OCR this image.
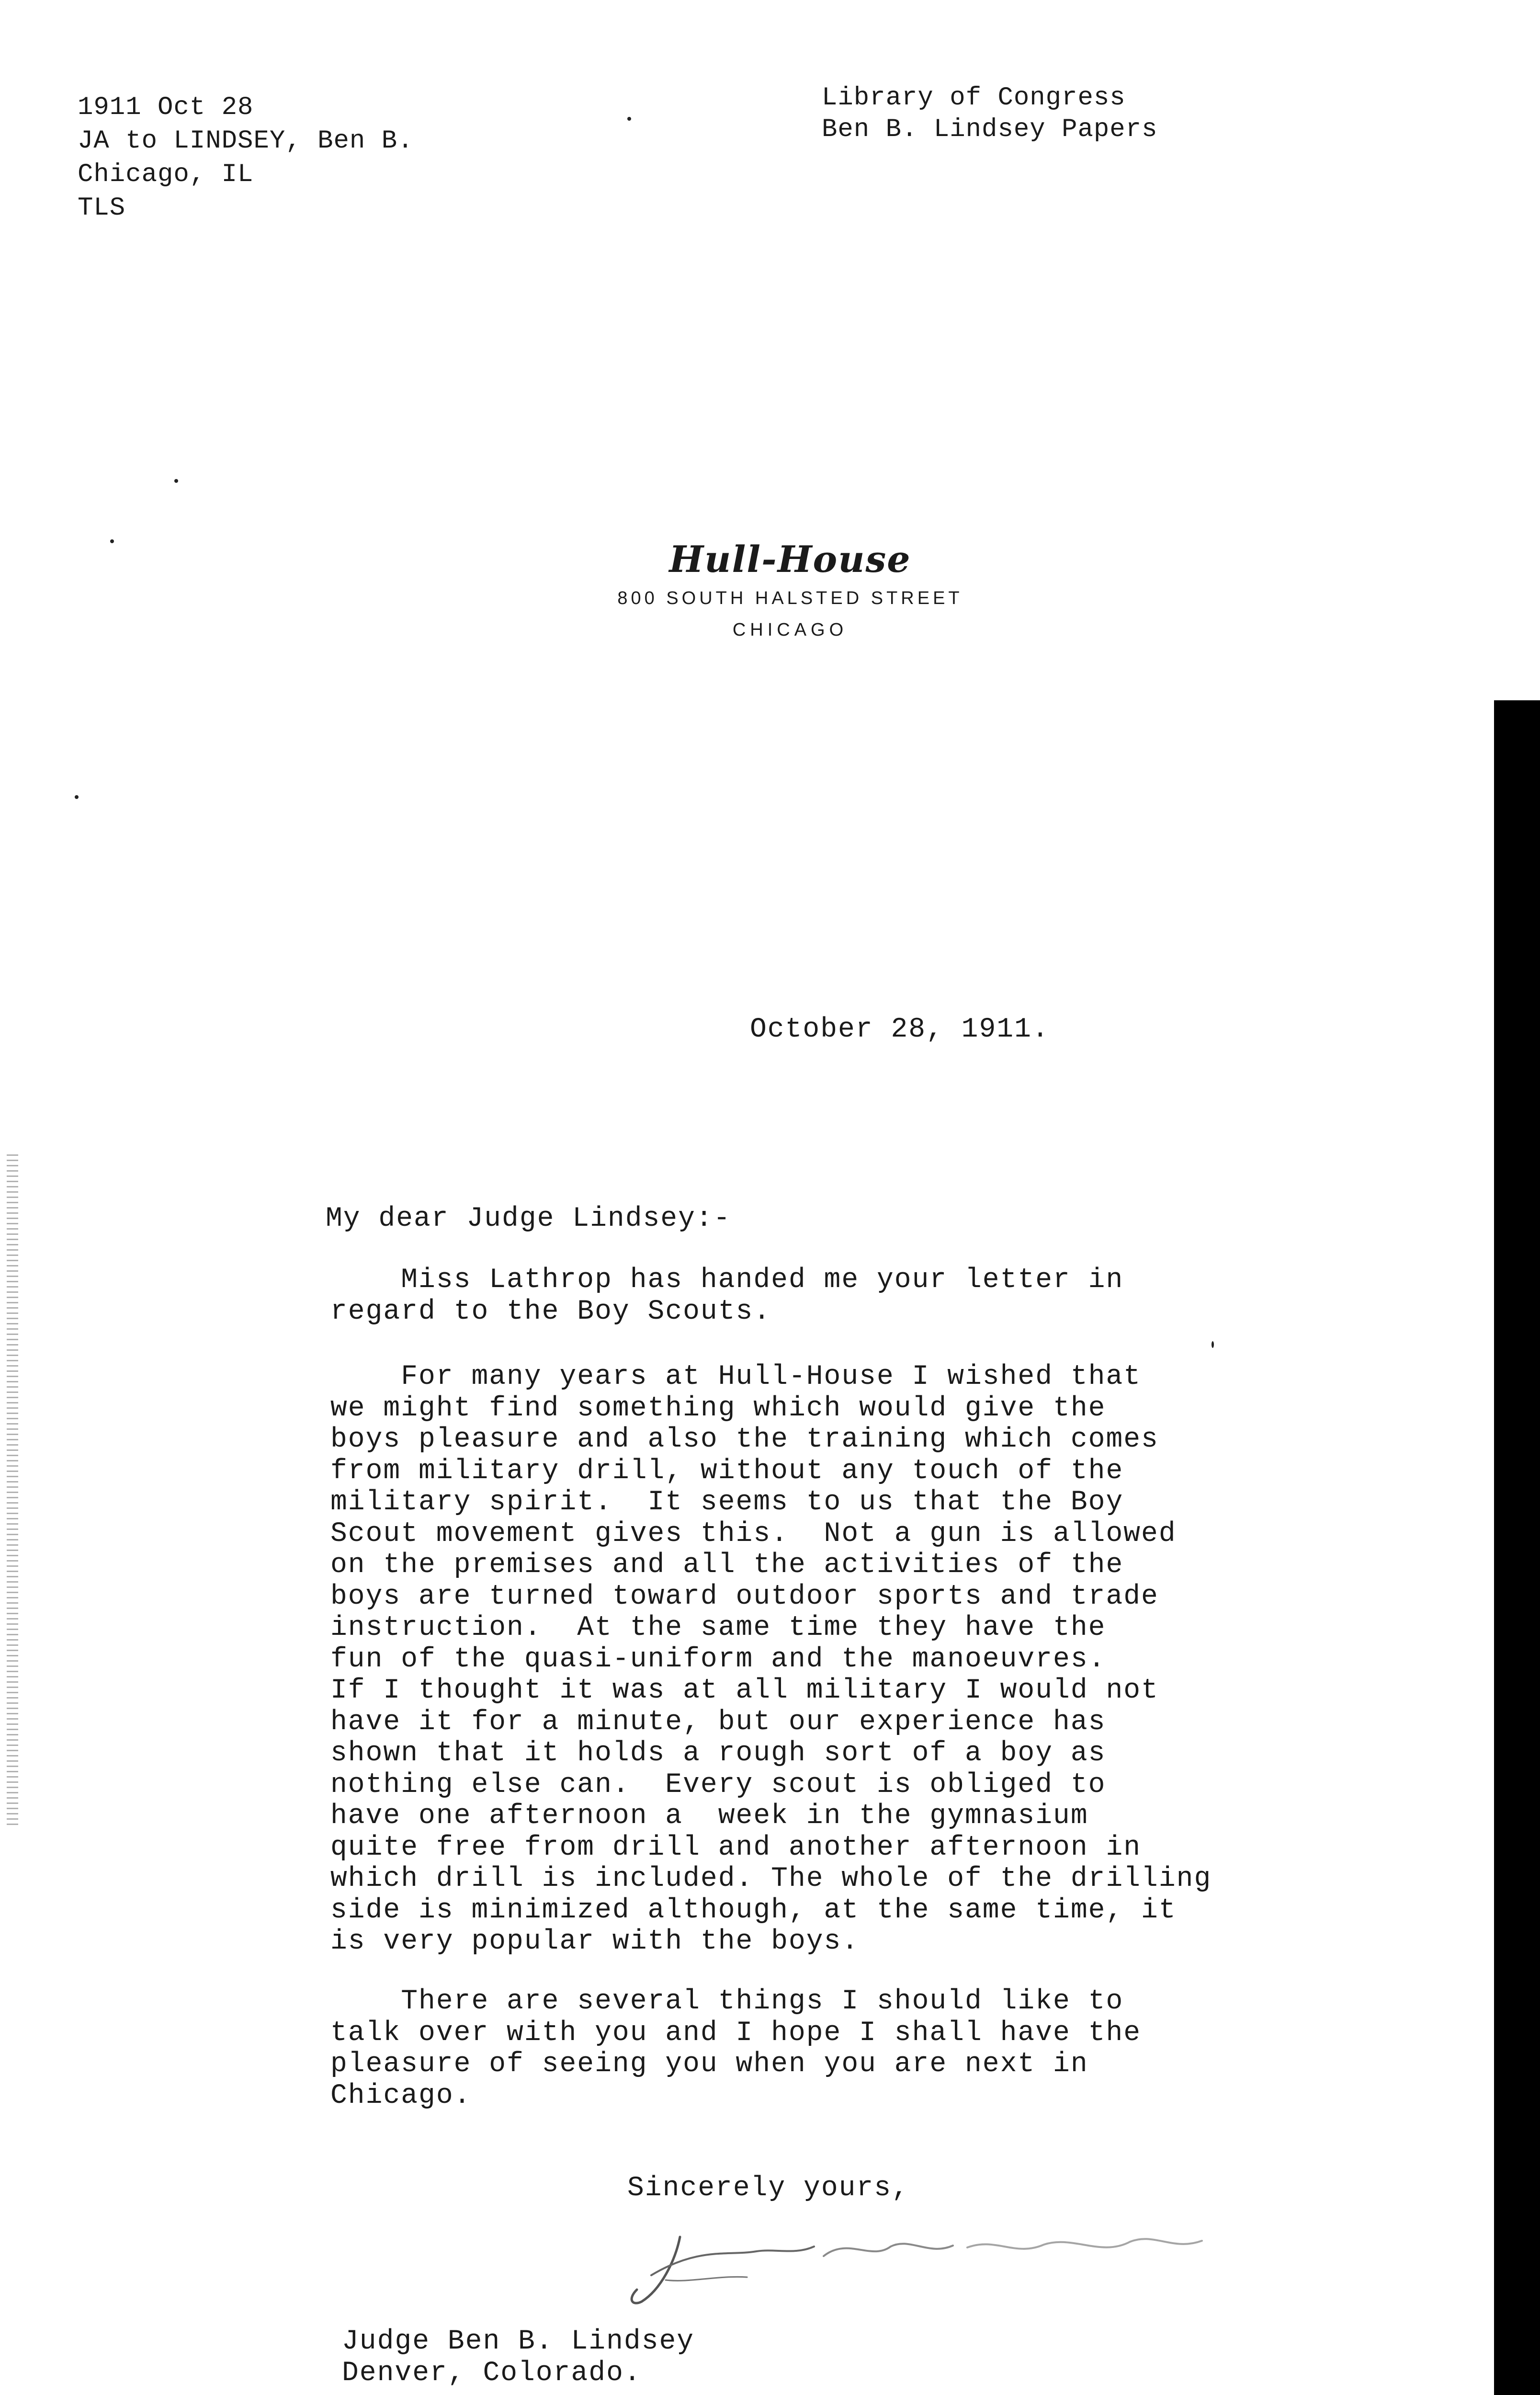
1911 Oct 28
JA to LINDSEY, Ben B.
Chicago, IL
TLS
Library of Congress
Ben B. Lindsey Papers
Hull-House
800 SOUTH HALSTED STREET
CHICAGO
October 28, 1911.
My dear Judge Lindsey:-
Miss Lathrop has handed me your letter in
regard to the Boy Scouts.
For many years at Hull-House I wished that
we might find something which would give the
boys pleasure and also the training which comes
from military drill, without any touch of the
military spirit.  It seems to us that the Boy
Scout movement gives this.  Not a gun is allowed
on the premises and all the activities of the
boys are turned toward outdoor sports and trade
instruction.  At the same time they have the
fun of the quasi-uniform and the manoeuvres.
If I thought it was at all military I would not
have it for a minute, but our experience has
shown that it holds a rough sort of a boy as
nothing else can.  Every scout is obliged to
have one afternoon a  week in the gymnasium
quite free from drill and another afternoon in
which drill is included. The whole of the drilling
side is minimized although, at the same time, it
is very popular with the boys.
There are several things I should like to
talk over with you and I hope I shall have the
pleasure of seeing you when you are next in
Chicago.
Sincerely yours,
Judge Ben B. Lindsey
Denver, Colorado.
